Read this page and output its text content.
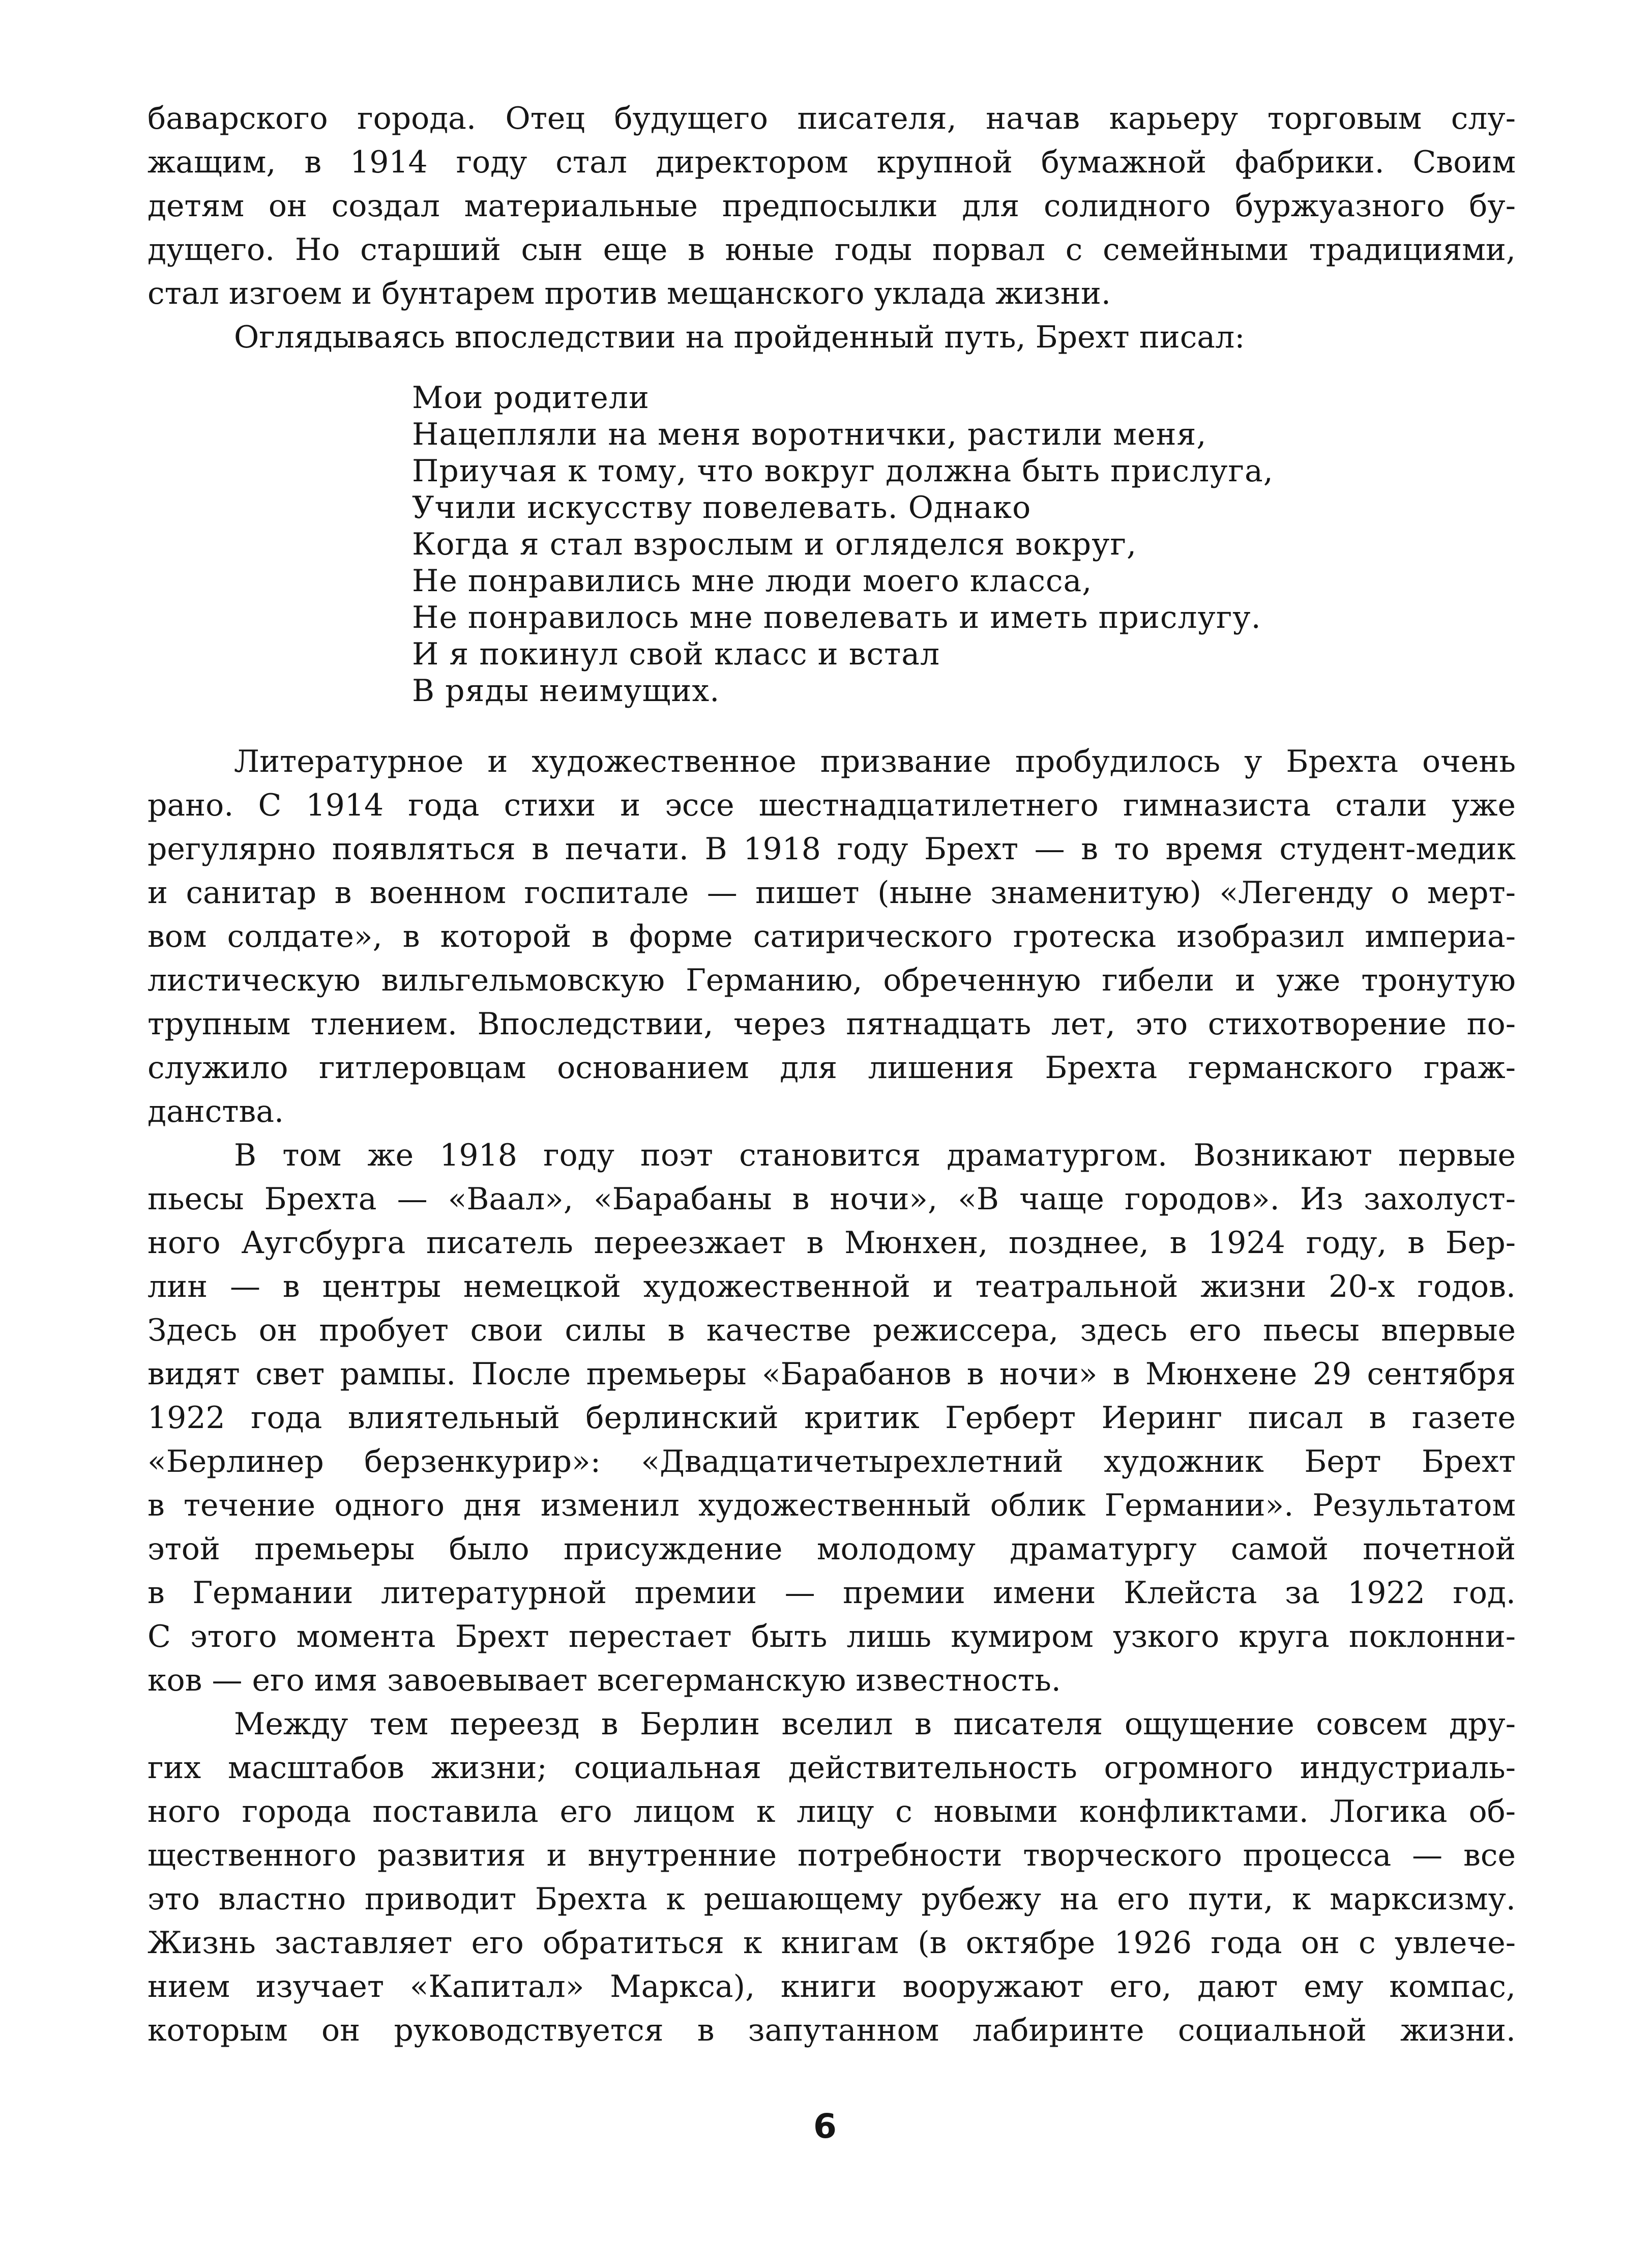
баварского города. Отец будущего писателя, начав карьеру торговым слу-
жащим, в 1914 году стал директором крупной бумажной фабрики. Своим
детям он создал материальные предпосылки для солидного буржуазного бу-
дущего. Но старший сын еще в юные годы порвал с семейными традициями,
стал изгоем и бунтарем против мещанского уклада жизни.
Оглядываясь впоследствии на пройденный путь, Брехт писал:
Мои родители
Нацепляли на меня воротнички, растили меня,
Приучая к тому, что вокруг должна быть прислуга,
Учили искусству повелевать. Однако
Когда я стал взрослым и огляделся вокруг,
Не понравились мне люди моего класса,
Не понравилось мне повелевать и иметь прислугу.
И я покинул свой класс и встал
В ряды неимущих.
Литературное и художественное призвание пробудилось у Брехта очень
рано. С 1914 года стихи и эссе шестнадцатилетнего гимназиста стали уже
регулярно появляться в печати. В 1918 году Брехт — в то время студент-медик
и санитар в военном госпитале — пишет (ныне знаменитую) «Легенду о мерт-
вом солдате», в которой в форме сатирического гротеска изобразил империа-
листическую вильгельмовскую Германию, обреченную гибели и уже тронутую
трупным тлением. Впоследствии, через пятнадцать лет, это стихотворение по-
служило гитлеровцам основанием для лишения Брехта германского граж-
данства.
В том же 1918 году поэт становится драматургом. Возникают первые
пьесы Брехта — «Ваал», «Барабаны в ночи», «В чаще городов». Из захолуст-
ного Аугсбурга писатель переезжает в Мюнхен, позднее, в 1924 году, в Бер-
лин — в центры немецкой художественной и театральной жизни 20-х годов.
Здесь он пробует свои силы в качестве режиссера, здесь его пьесы впервые
видят свет рампы. После премьеры «Барабанов в ночи» в Мюнхене 29 сентября
1922 года влиятельный берлинский критик Герберт Иеринг писал в газете
«Берлинер берзенкурир»: «Двадцатичетырехлетний художник Берт Брехт
в течение одного дня изменил художественный облик Германии». Результатом
этой премьеры было присуждение молодому драматургу самой почетной
в Германии литературной премии — премии имени Клейста за 1922 год.
С этого момента Брехт перестает быть лишь кумиром узкого круга поклонни-
ков — его имя завоевывает всегерманскую известность.
Между тем переезд в Берлин вселил в писателя ощущение совсем дру-
гих масштабов жизни; социальная действительность огромного индустриаль-
ного города поставила его лицом к лицу с новыми конфликтами. Логика об-
щественного развития и внутренние потребности творческого процесса — все
это властно приводит Брехта к решающему рубежу на его пути, к марксизму.
Жизнь заставляет его обратиться к книгам (в октябре 1926 года он с увлече-
нием изучает «Капитал» Маркса), книги вооружают его, дают ему компас,
которым он руководствуется в запутанном лабиринте социальной жизни.
6
